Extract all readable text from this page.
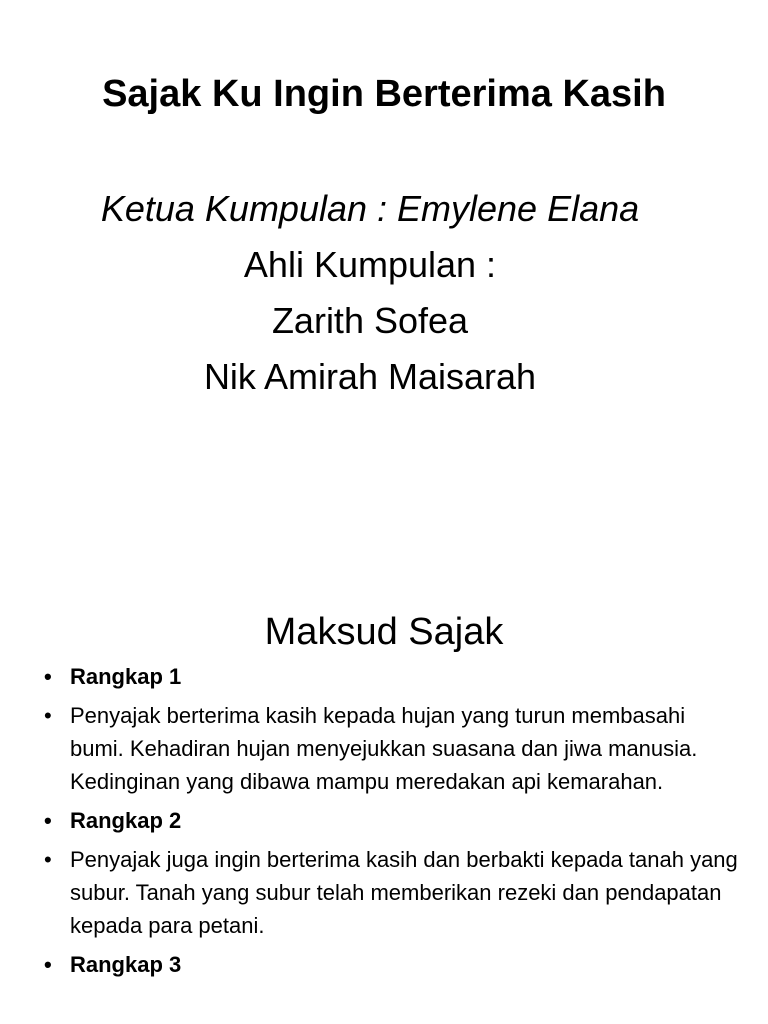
Sajak Ku Ingin Berterima Kasih
Ketua Kumpulan : Emylene Elana
Ahli Kumpulan :
Zarith Sofea
Nik Amirah Maisarah
Maksud Sajak
• Rangkap 1
• Penyajak berterima kasih kepada hujan yang turun membasahi bumi. Kehadiran hujan menyejukkan suasana dan jiwa manusia. Kedinginan yang dibawa mampu meredakan api kemarahan.
• Rangkap 2
• Penyajak juga ingin berterima kasih dan berbakti kepada tanah yang subur. Tanah yang subur telah memberikan rezeki dan pendapatan kepada para petani.
• Rangkap 3
